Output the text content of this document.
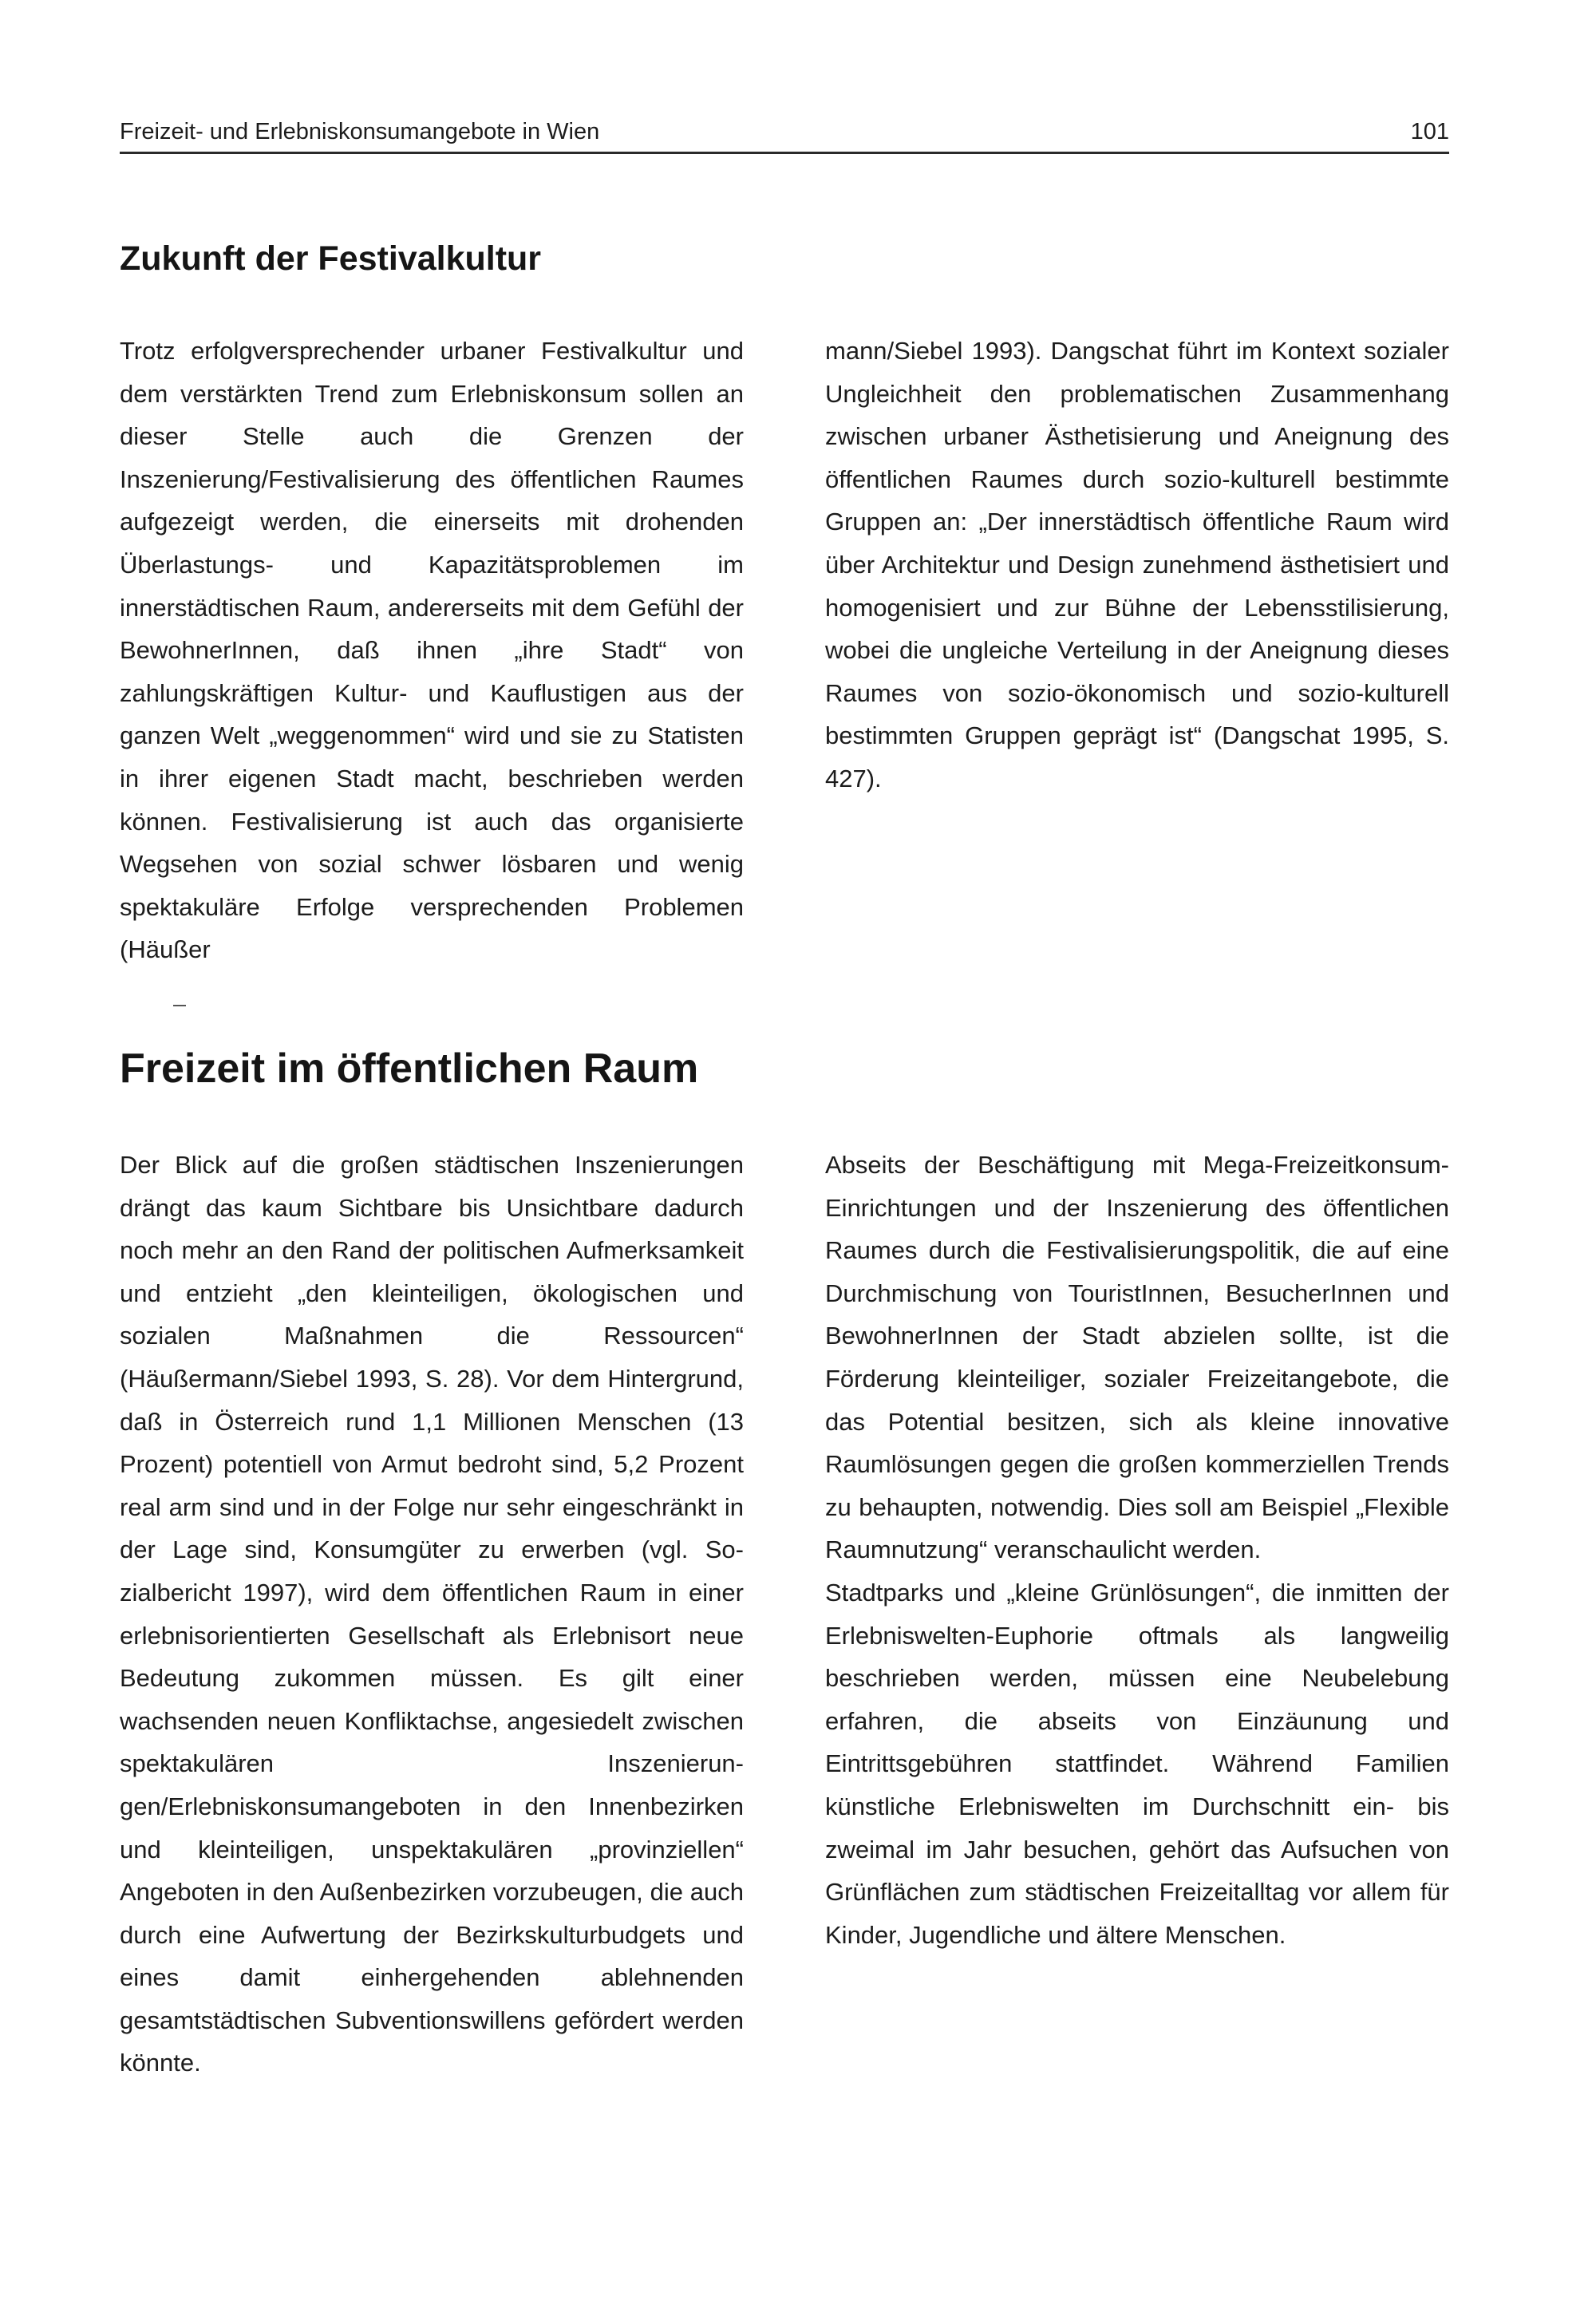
Freizeit- und Erlebniskonsumangebote in Wien	101
Zukunft der Festivalkultur

Trotz erfolgversprechender urbaner Festivalkultur und dem verstärkten Trend zum Erlebniskonsum sollen an dieser Stelle auch die Grenzen der Inszenierung/Festivalisierung des öffentlichen Raumes aufgezeigt werden, die einerseits mit drohenden Überlastungs- und Kapazitätsproblemen im innerstädtischen Raum, andererseits mit dem Gefühl der BewohnerInnen, daß ihnen „ihre Stadt“ von zahlungskräftigen Kultur- und Kauflustigen aus der ganzen Welt „weggenommen“ wird und sie zu Statisten in ihrer eigenen Stadt macht, beschrieben werden können. Festivalisierung ist auch das organisierte Wegsehen von sozial schwer lösbaren und wenig spektakuläre Erfolge versprechenden Problemen (Häußer

mann/Siebel 1993). Dangschat führt im Kontext sozialer Ungleichheit den problematischen Zusammenhang zwischen urbaner Ästhetisierung und Aneignung des öffentlichen Raumes durch sozio-kulturell bestimmte Gruppen an: „Der innerstädtisch öffentliche Raum wird über Architektur und Design zunehmend ästhetisiert und homogenisiert und zur Bühne der Lebensstilisierung, wobei die ungleiche Verteilung in der Aneignung dieses Raumes von sozio-ökonomisch und sozio-kulturell bestimmten Gruppen geprägt ist“ (Dangschat 1995, S. 427).

Freizeit im öffentlichen Raum

Der Blick auf die großen städtischen Inszenierungen drängt das kaum Sichtbare bis Unsichtbare dadurch noch mehr an den Rand der politischen Aufmerksamkeit und entzieht „den kleinteiligen, ökologischen und sozialen Maßnahmen die Ressourcen“ (Häußermann/Siebel 1993, S. 28). Vor dem Hintergrund, daß in Österreich rund 1,1 Millionen Menschen (13 Prozent) potentiell von Armut bedroht sind, 5,2 Prozent real arm sind und in der Folge nur sehr eingeschränkt in der Lage sind, Konsumgüter zu erwerben (vgl. Sozialbericht 1997), wird dem öffentlichen Raum in einer erlebnisorientierten Gesellschaft als Erlebnisort neue Bedeutung zukommen müssen. Es gilt einer wachsenden neuen Konfliktachse, angesiedelt zwischen spektakulären Inszenierungen/Erlebniskonsumangeboten in den Innenbezirken und kleinteiligen, unspektakulären „provinziellen“ Angeboten in den Außenbezirken vorzubeugen, die auch durch eine Aufwertung der Bezirkskulturbudgets und eines damit einhergehenden ablehnenden gesamtstädtischen Subventionswillens gefördert werden könnte.

Abseits der Beschäftigung mit Mega-Freizeitkonsum-Einrichtungen und der Inszenierung des öffentlichen Raumes durch die Festivalisierungspolitik, die auf eine Durchmischung von TouristInnen, BesucherInnen und BewohnerInnen der Stadt abzielen sollte, ist die Förderung kleinteiliger, sozialer Freizeitangebote, die das Potential besitzen, sich als kleine innovative Raumlösungen gegen die großen kommerziellen Trends zu behaupten, notwendig. Dies soll am Beispiel „Flexible Raumnutzung“ veranschaulicht werden.

Stadtparks und „kleine Grünlösungen“, die inmitten der Erlebniswelten-Euphorie oftmals als langweilig beschrieben werden, müssen eine Neubelebung erfahren, die abseits von Einzäunung und Eintrittsgebühren stattfindet. Während Familien künstliche Erlebniswelten im Durchschnitt ein- bis zweimal im Jahr besuchen, gehört das Aufsuchen von Grünflächen zum städtischen Freizeitalltag vor allem für Kinder, Jugendliche und ältere Menschen.
